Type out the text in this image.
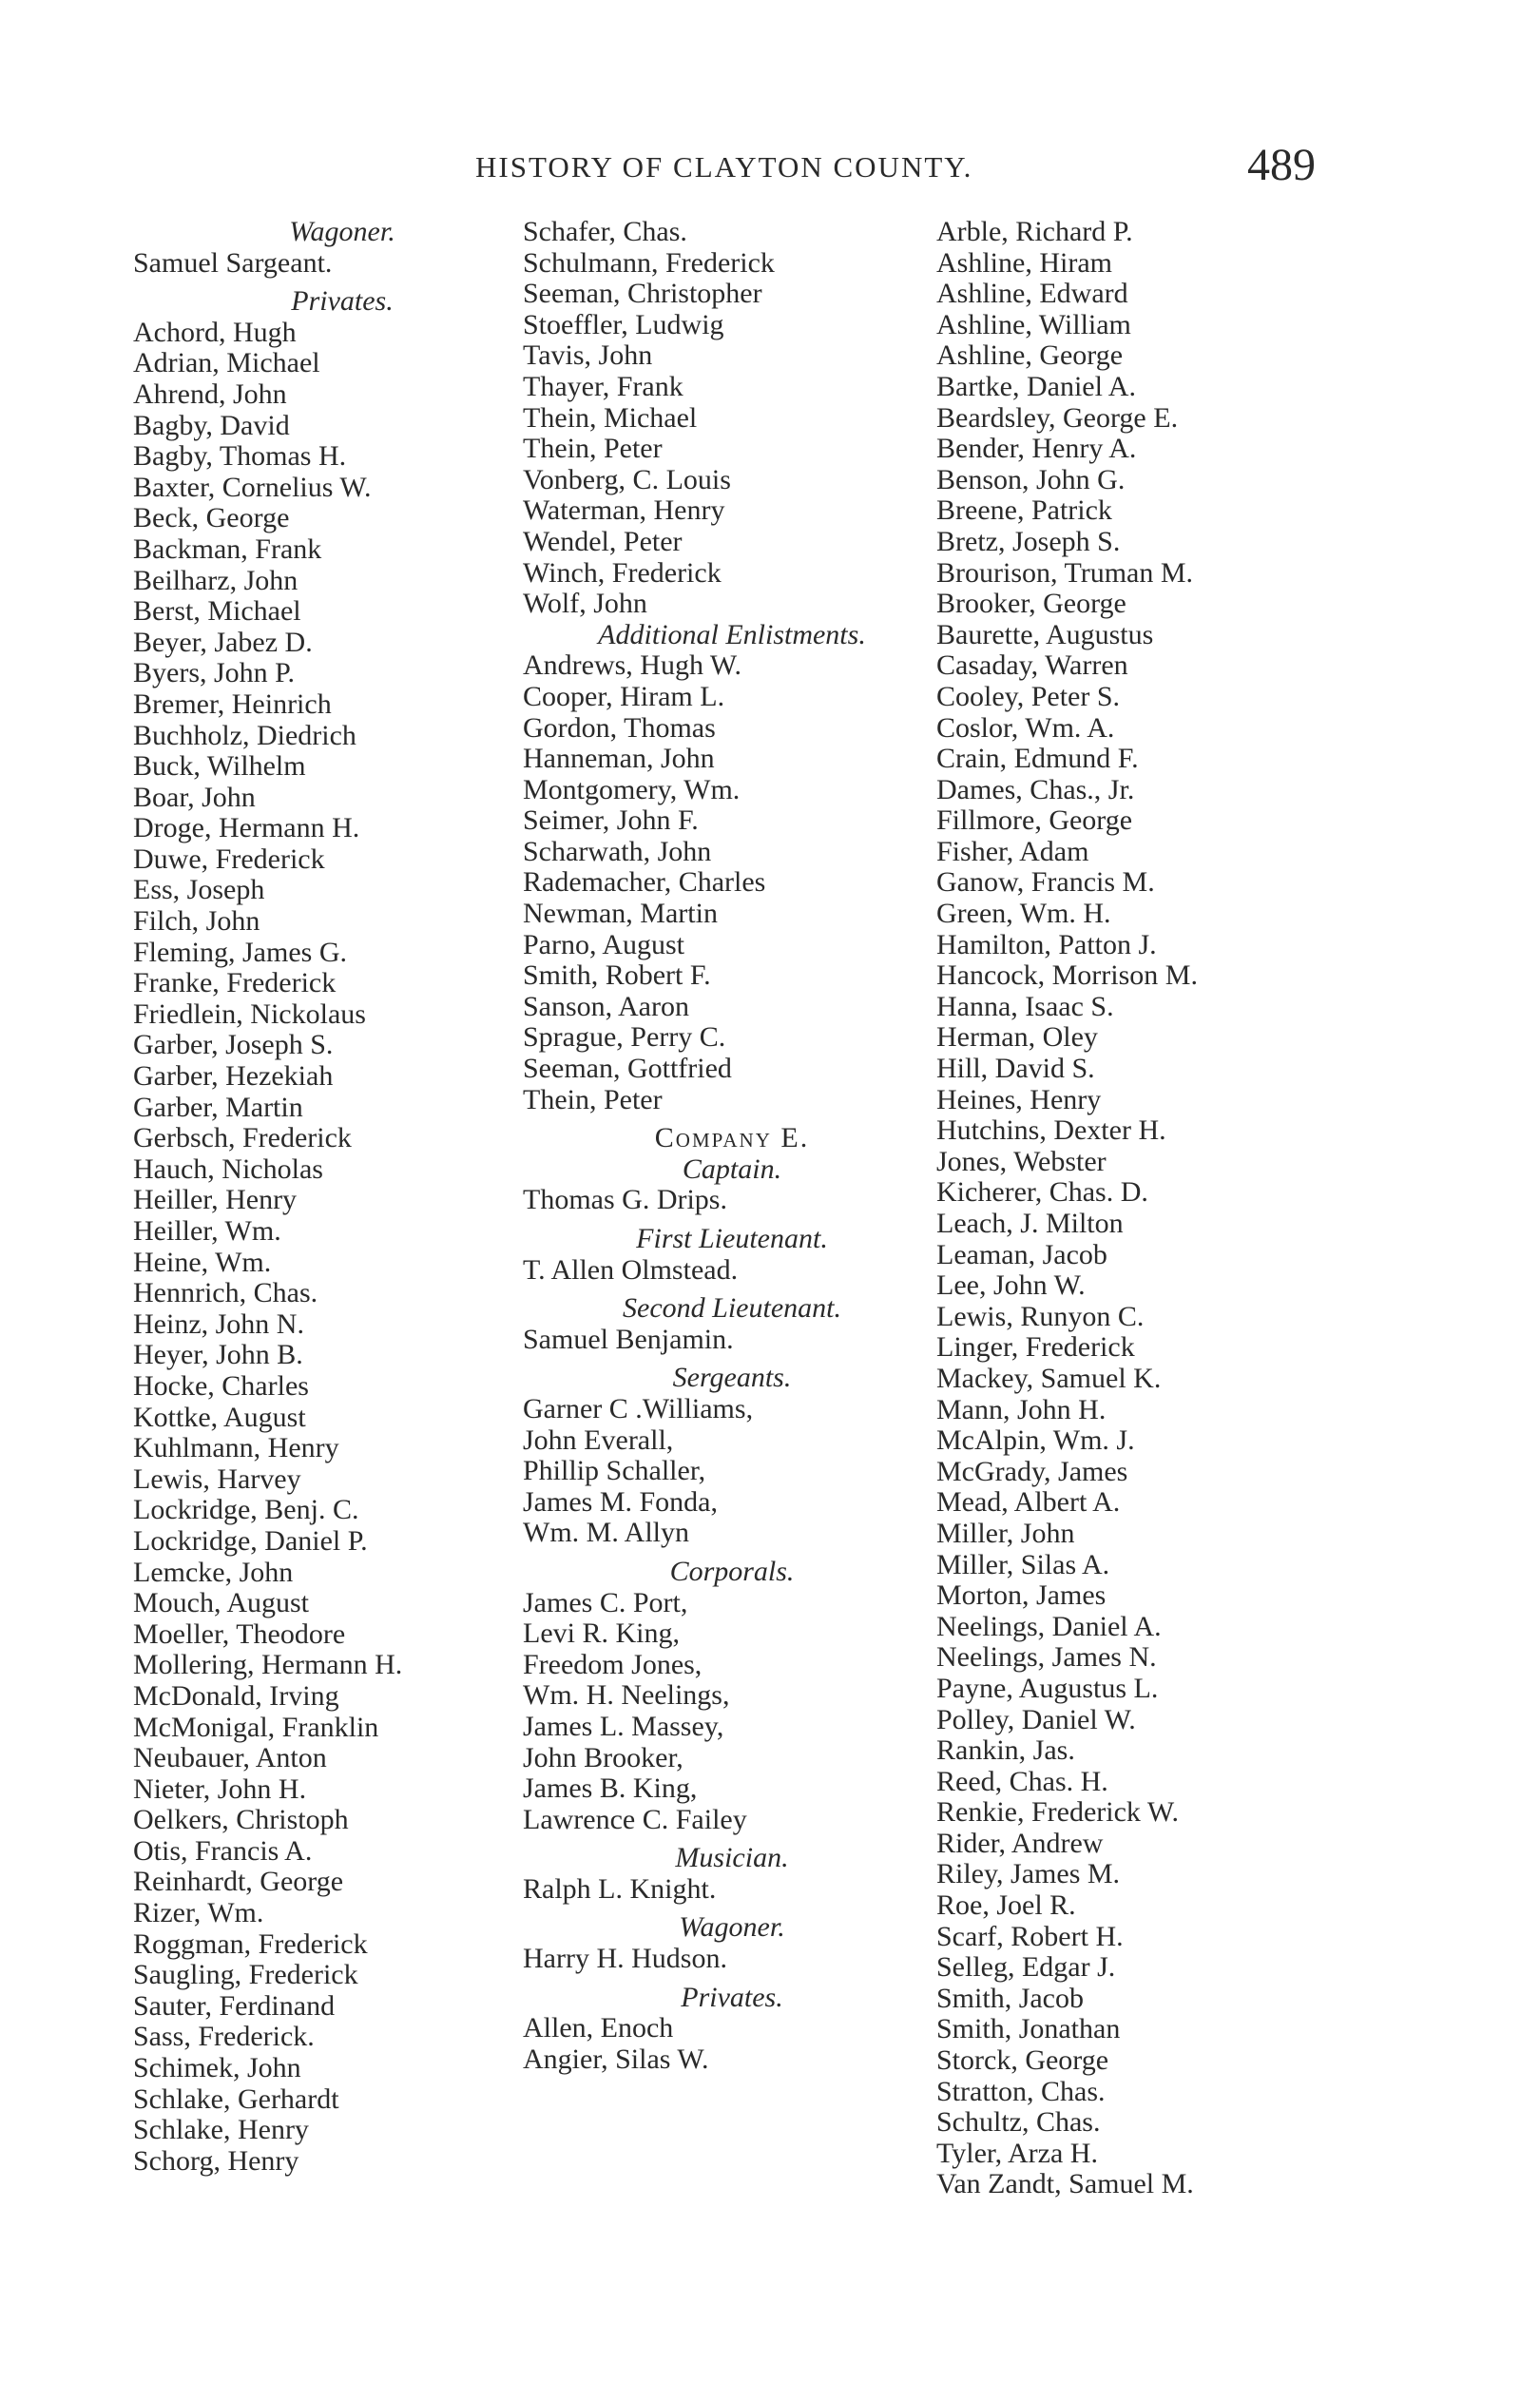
HISTORY OF CLAYTON COUNTY.	489
Wagoner.
Samuel Sargeant.
Privates.
Achord, Hugh
Adrian, Michael
Ahrend, John
Bagby, David
Bagby, Thomas H.
Baxter, Cornelius W.
Beck, George
Backman, Frank
Beilharz, John
Berst, Michael
Beyer, Jabez D.
Byers, John P.
Bremer, Heinrich
Buchholz, Diedrich
Buck, Wilhelm
Boar, John
Droge, Hermann H.
Duwe, Frederick
Ess, Joseph
Filch, John
Fleming, James G.
Franke, Frederick
Friedlein, Nickolaus
Garber, Joseph S.
Garber, Hezekiah
Garber, Martin
Gerbsch, Frederick
Hauch, Nicholas
Heiller, Henry
Heiller, Wm.
Heine, Wm.
Hennrich, Chas.
Heinz, John N.
Heyer, John B.
Hocke, Charles
Kottke, August
Kuhlmann, Henry
Lewis, Harvey
Lockridge, Benj. C.
Lockridge, Daniel P.
Lemcke, John
Mouch, August
Moeller, Theodore
Mollering, Hermann H.
McDonald, Irving
McMonigal, Franklin
Neubauer, Anton
Nieter, John H.
Oelkers, Christoph
Otis, Francis A.
Reinhardt, George
Rizer, Wm.
Roggman, Frederick
Saugling, Frederick
Sauter, Ferdinand
Sass, Frederick.
Schimek, John
Schlake, Gerhardt
Schlake, Henry
Schorg, Henry
Schafer, Chas.
Schulmann, Frederick
Seeman, Christopher
Stoeffler, Ludwig
Tavis, John
Thayer, Frank
Thein, Michael
Thein, Peter
Vonberg, C. Louis
Waterman, Henry
Wendel, Peter
Winch, Frederick
Wolf, John
Additional Enlistments.
Andrews, Hugh W.
Cooper, Hiram L.
Gordon, Thomas
Hanneman, John
Montgomery, Wm.
Seimer, John F.
Scharwath, John
Rademacher, Charles
Newman, Martin
Parno, August
Smith, Robert F.
Sanson, Aaron
Sprague, Perry C.
Seeman, Gottfried
Thein, Peter
Company E.
Captain.
Thomas G. Drips.
First Lieutenant.
T. Allen Olmstead.
Second Lieutenant.
Samuel Benjamin.
Sergeants.
Garner C .Williams,
John Everall,
Phillip Schaller,
James M. Fonda,
Wm. M. Allyn
Corporals.
James C. Port,
Levi R. King,
Freedom Jones,
Wm. H. Neelings,
James L. Massey,
John Brooker,
James B. King,
Lawrence C. Failey
Musician.
Ralph L. Knight.
Wagoner.
Harry H. Hudson.
Privates.
Allen, Enoch
Angier, Silas W.
Arble, Richard P.
Ashline, Hiram
Ashline, Edward
Ashline, William
Ashline, George
Bartke, Daniel A.
Beardsley, George E.
Bender, Henry A.
Benson, John G.
Breene, Patrick
Bretz, Joseph S.
Brourison, Truman M.
Brooker, George
Baurette, Augustus
Casaday, Warren
Cooley, Peter S.
Coslor, Wm. A.
Crain, Edmund F.
Dames, Chas., Jr.
Fillmore, George
Fisher, Adam
Ganow, Francis M.
Green, Wm. H.
Hamilton, Patton J.
Hancock, Morrison M.
Hanna, Isaac S.
Herman, Oley
Hill, David S.
Heines, Henry
Hutchins, Dexter H.
Jones, Webster
Kicherer, Chas. D.
Leach, J. Milton
Leaman, Jacob
Lee, John W.
Lewis, Runyon C.
Linger, Frederick
Mackey, Samuel K.
Mann, John H.
McAlpin, Wm. J.
McGrady, James
Mead, Albert A.
Miller, John
Miller, Silas A.
Morton, James
Neelings, Daniel A.
Neelings, James N.
Payne, Augustus L.
Polley, Daniel W.
Rankin, Jas.
Reed, Chas. H.
Renkie, Frederick W.
Rider, Andrew
Riley, James M.
Roe, Joel R.
Scarf, Robert H.
Selleg, Edgar J.
Smith, Jacob
Smith, Jonathan
Storck, George
Stratton, Chas.
Schultz, Chas.
Tyler, Arza H.
Van Zandt, Samuel M.
